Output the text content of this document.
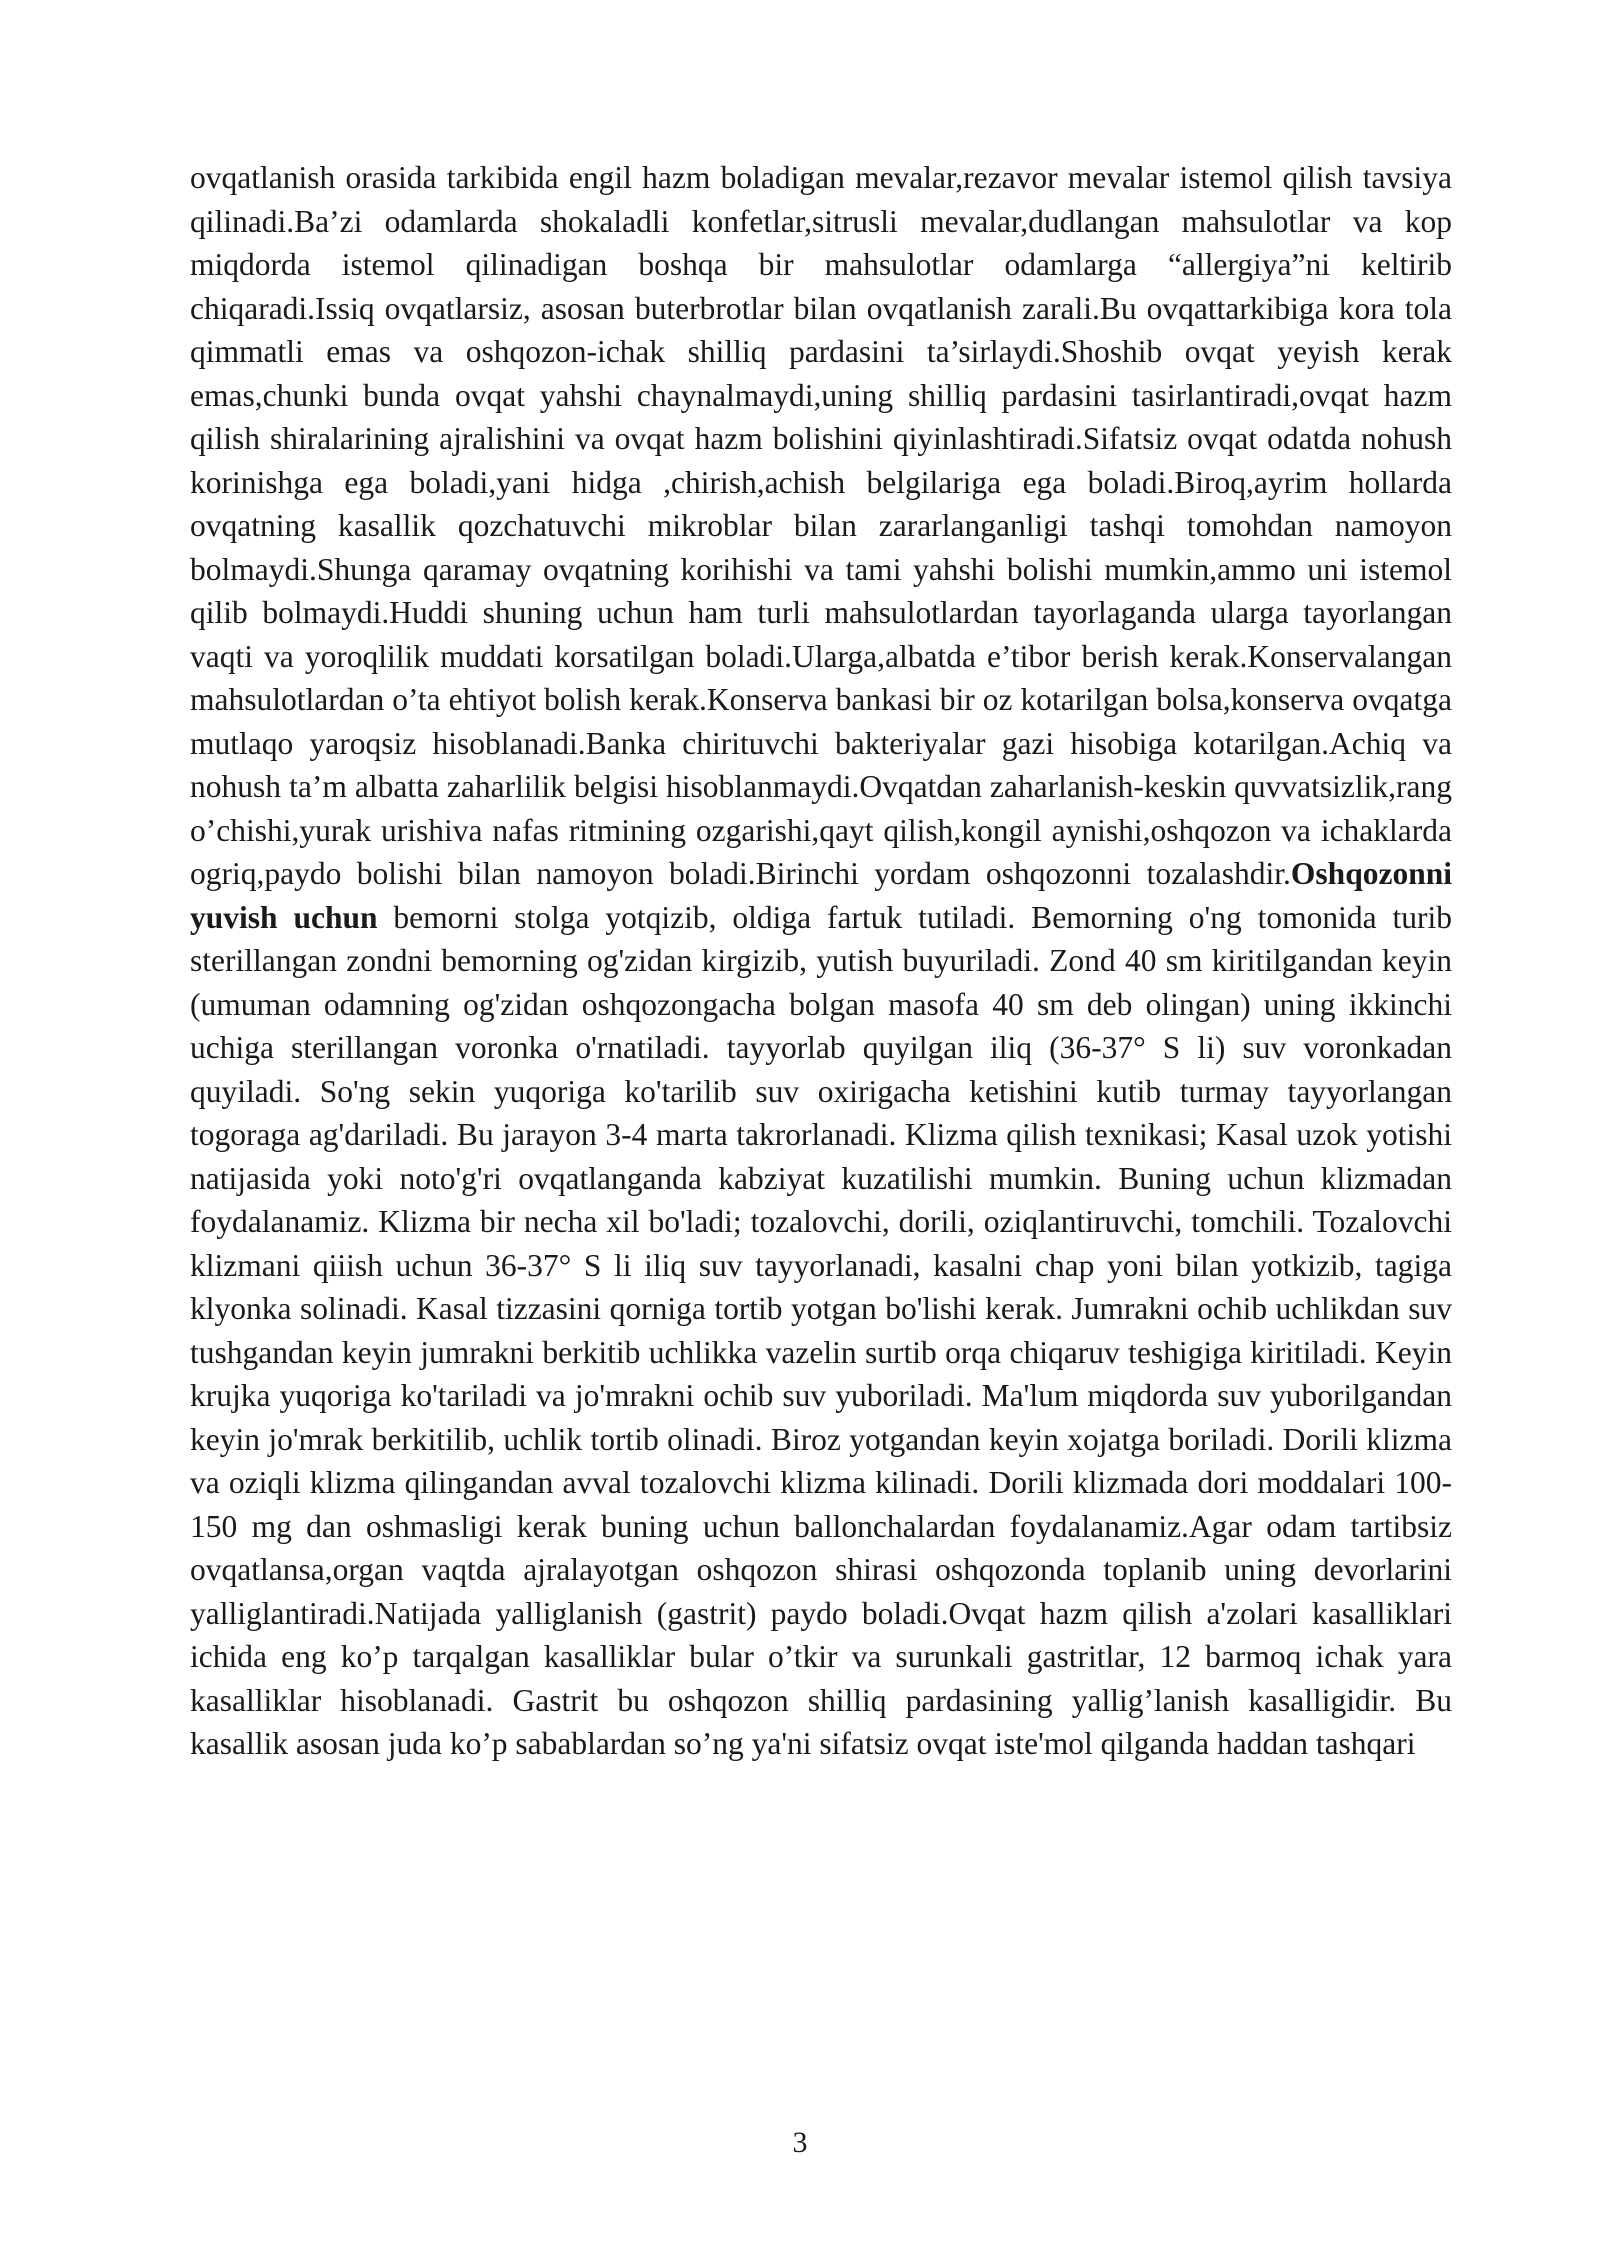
ovqatlanish orasida tarkibida engil hazm boladigan mevalar,rezavor mevalar istemol qilish tavsiya qilinadi.Ba’zi odamlarda shokaladli konfetlar,sitrusli mevalar,dudlangan mahsulotlar va kop miqdorda istemol qilinadigan boshqa bir mahsulotlar odamlarga “allergiya”ni keltirib chiqaradi.Issiq ovqatlarsiz, asosan buterbrotlar bilan ovqatlanish zarali.Bu ovqattarkibiga kora tola qimmatli emas va oshqozon-ichak shilliq pardasini ta’sirlaydi.Shoshib ovqat yeyish kerak emas,chunki bunda ovqat yahshi chaynalmaydi,uning shilliq pardasini tasirlantiradi,ovqat hazm qilish shiralarining ajralishini va ovqat hazm bolishini qiyinlashtiradi.Sifatsiz ovqat odatda nohush korinishga ega boladi,yani hidga ,chirish,achish belgilariga ega boladi.Biroq,ayrim hollarda ovqatning kasallik qozchatuvchi mikroblar bilan zararlanganligi tashqi tomohdan namoyon bolmaydi.Shunga qaramay ovqatning korihishi va tami yahshi bolishi mumkin,ammo uni istemol qilib bolmaydi.Huddi shuning uchun ham turli mahsulotlardan tayorlaganda ularga tayorlangan vaqti va yoroqlilik muddati korsatilgan boladi.Ularga,albatda e’tibor berish kerak.Konservalangan mahsulotlardan o’ta ehtiyot bolish kerak.Konserva bankasi bir oz kotarilgan bolsa,konserva ovqatga mutlaqo yaroqsiz hisoblanadi.Banka chirituvchi bakteriyalar gazi hisobiga kotarilgan.Achiq va nohush ta’m albatta zaharlilik belgisi hisoblanmaydi.Ovqatdan zaharlanish-keskin quvvatsizlik,rang o’chishi,yurak urishiva nafas ritmining ozgarishi,qayt qilish,kongil aynishi,oshqozon va ichaklarda ogriq,paydo bolishi bilan namoyon boladi.Birinchi yordam oshqozonni tozalashdir.Oshqozonni yuvish uchun bemorni stolga yotqizib, oldiga fartuk tutiladi. Bemorning o'ng tomonida turib sterillangan zondni bemorning og'zidan kirgizib, yutish buyuriladi. Zond 40 sm kiritilgandan keyin (umuman odamning og'zidan oshqozongacha bolgan masofa 40 sm deb olingan) uning ikkinchi uchiga sterillangan voronka o'rnatiladi. tayyorlab quyilgan iliq (36-37° S li) suv voronkadan quyiladi. So'ng sekin yuqoriga ko'tarilib suv oxirigacha ketishini kutib turmay tayyorlangan togoraga ag'dariladi. Bu jarayon 3-4 marta takrorlanadi. Klizma qilish texnikasi; Kasal uzok yotishi natijasida yoki noto'g'ri ovqatlanganda kabziyat kuzatilishi mumkin. Buning uchun klizmadan foydalanamiz. Klizma bir necha xil bo'ladi; tozalovchi, dorili, oziqlantiruvchi, tomchili. Tozalovchi klizmani qiiish uchun 36-37° S li iliq suv tayyorlanadi, kasalni chap yoni bilan yotkizib, tagiga klyonka solinadi. Kasal tizzasini qorniga tortib yotgan bo'lishi kerak. Jumrakni ochib uchlikdan suv tushgandan keyin jumrakni berkitib uchlikka vazelin surtib orqa chiqaruv teshigiga kiritiladi. Keyin krujka yuqoriga ko'tariladi va jo'mrakni ochib suv yuboriladi. Ma'lum miqdorda suv yuborilgandan keyin jo'mrak berkitilib, uchlik tortib olinadi. Biroz yotgandan keyin xojatga boriladi. Dorili klizma va oziqli klizma qilingandan avval tozalovchi klizma kilinadi. Dorili klizmada dori moddalari 100-150 mg dan oshmasligi kerak buning uchun ballonchalardan foydalanamiz.Agar odam tartibsiz ovqatlansa,organ vaqtda ajralayotgan oshqozon shirasi oshqozonda toplanib uning devorlarini yalliglantiradi.Natijada yalliglanish (gastrit) paydo boladi.Ovqat hazm qilish a'zolari kasalliklari ichida eng ko’p tarqalgan kasalliklar bular o’tkir va surunkali gastritlar, 12 barmoq ichak yara kasalliklar hisoblanadi. Gastrit bu oshqozon shilliq pardasining yallig’lanish kasalligidir. Bu kasallik asosan juda ko’p sabablardan so’ng ya'ni sifatsiz ovqat iste'mol qilganda haddan tashqari
3
